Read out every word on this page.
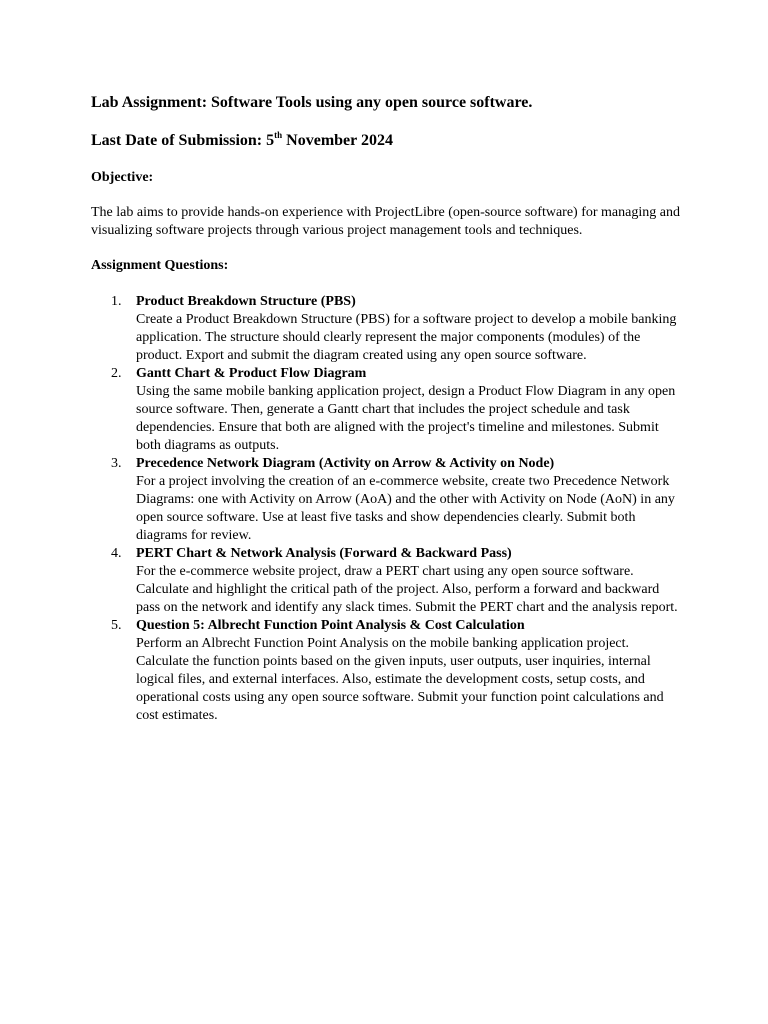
Lab Assignment: Software Tools using any open source software.
Last Date of Submission: 5th November 2024
Objective:

The lab aims to provide hands-on experience with ProjectLibre (open-source software) for managing and visualizing software projects through various project management tools and techniques.

Assignment Questions:
1. Product Breakdown Structure (PBS)
Create a Product Breakdown Structure (PBS) for a software project to develop a mobile banking application. The structure should clearly represent the major components (modules) of the product. Export and submit the diagram created using any open source software.
2. Gantt Chart & Product Flow Diagram
Using the same mobile banking application project, design a Product Flow Diagram in any open source software. Then, generate a Gantt chart that includes the project schedule and task dependencies. Ensure that both are aligned with the project's timeline and milestones. Submit both diagrams as outputs.
3. Precedence Network Diagram (Activity on Arrow & Activity on Node)
For a project involving the creation of an e-commerce website, create two Precedence Network Diagrams: one with Activity on Arrow (AoA) and the other with Activity on Node (AoN) in any open source software. Use at least five tasks and show dependencies clearly. Submit both diagrams for review.
4. PERT Chart & Network Analysis (Forward & Backward Pass)
For the e-commerce website project, draw a PERT chart using any open source software. Calculate and highlight the critical path of the project. Also, perform a forward and backward pass on the network and identify any slack times. Submit the PERT chart and the analysis report.
5. Question 5: Albrecht Function Point Analysis & Cost Calculation
Perform an Albrecht Function Point Analysis on the mobile banking application project. Calculate the function points based on the given inputs, user outputs, user inquiries, internal logical files, and external interfaces. Also, estimate the development costs, setup costs, and operational costs using any open source software. Submit your function point calculations and cost estimates.
